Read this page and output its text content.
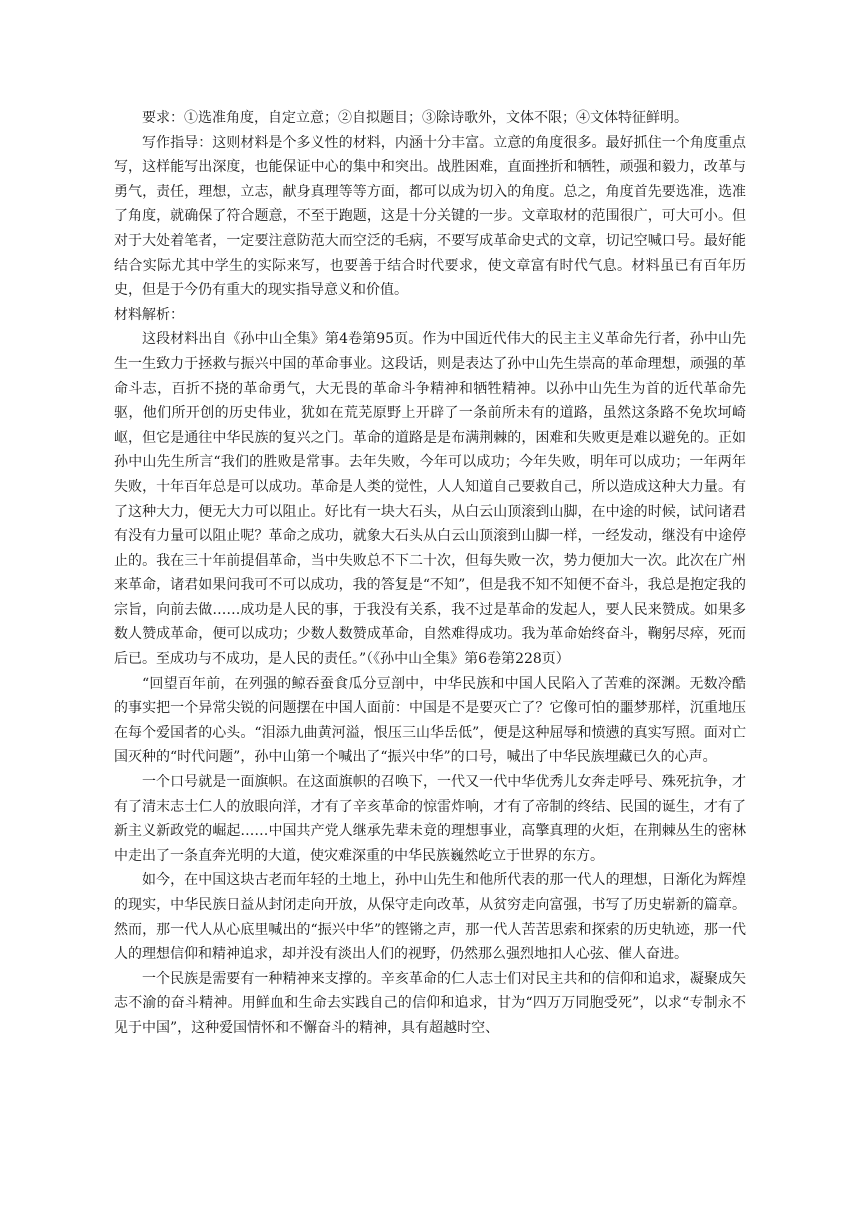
要求：①选准角度，自定立意；②自拟题目；③除诗歌外，文体不限；④文体特征鲜明。

写作指导：这则材料是个多义性的材料，内涵十分丰富。立意的角度很多。最好抓住一个角度重点写，这样能写出深度，也能保证中心的集中和突出。战胜困难，直面挫折和牺牲，顽强和毅力，改革与勇气，责任，理想，立志，献身真理等等方面，都可以成为切入的角度。总之，角度首先要选准，选准了角度，就确保了符合题意，不至于跑题，这是十分关键的一步。文章取材的范围很广，可大可小。但对于大处着笔者，一定要注意防范大而空泛的毛病，不要写成革命史式的文章，切记空喊口号。最好能结合实际尤其中学生的实际来写，也要善于结合时代要求，使文章富有时代气息。材料虽已有百年历史，但是于今仍有重大的现实指导意义和价值。

材料解析：

这段材料出自《孙中山全集》第4卷第95页。作为中国近代伟大的民主主义革命先行者，孙中山先生一生致力于拯救与振兴中国的革命事业。这段话，则是表达了孙中山先生崇高的革命理想，顽强的革命斗志，百折不挠的革命勇气，大无畏的革命斗争精神和牺牲精神。以孙中山先生为首的近代革命先驱，他们所开创的历史伟业，犹如在荒芜原野上开辟了一条前所未有的道路，虽然这条路不免坎坷崎岖，但它是通往中华民族的复兴之门。革命的道路是是布满荆棘的，困难和失败更是难以避免的。正如孙中山先生所言“我们的胜败是常事。去年失败，今年可以成功；今年失败，明年可以成功；一年两年失败，十年百年总是可以成功。革命是人类的觉性，人人知道自己要救自己，所以造成这种大力量。有了这种大力，便无大力可以阻止。好比有一块大石头，从白云山顶滚到山脚，在中途的时候，试问诸君有没有力量可以阻止呢？革命之成功，就象大石头从白云山顶滚到山脚一样，一经发动，继没有中途停止的。我在三十年前提倡革命，当中失败总不下二十次，但每失败一次，势力便加大一次。此次在广州来革命，诸君如果问我可不可以成功，我的答复是“不知”，但是我不知不知便不奋斗，我总是抱定我的宗旨，向前去做……成功是人民的事，于我没有关系，我不过是革命的发起人，要人民来赞成。如果多数人赞成革命，便可以成功；少数人数赞成革命，自然难得成功。我为革命始终奋斗，鞠躬尽瘁，死而后已。至成功与不成功，是人民的责任。”（《孙中山全集》第6卷第228页）

“回望百年前，在列强的鲸吞蚕食瓜分豆剖中，中华民族和中国人民陷入了苦难的深渊。无数冷酷的事实把一个异常尖锐的问题摆在中国人面前：中国是不是要灭亡了？它像可怕的噩梦那样，沉重地压在每个爱国者的心头。“泪添九曲黄河溢，恨压三山华岳低”，便是这种屈辱和愤懑的真实写照。面对亡国灭种的“时代问题”，孙中山第一个喊出了“振兴中华”的口号，喊出了中华民族埋藏已久的心声。

一个口号就是一面旗帜。在这面旗帜的召唤下，一代又一代中华优秀儿女奔走呼号、殊死抗争，才有了清末志士仁人的放眼向洋，才有了辛亥革命的惊雷炸响，才有了帝制的终结、民国的诞生，才有了新主义新政党的崛起……中国共产党人继承先辈未竟的理想事业，高擎真理的火炬，在荆棘丛生的密林中走出了一条直奔光明的大道，使灾难深重的中华民族巍然屹立于世界的东方。

如今，在中国这块古老而年轻的土地上，孙中山先生和他所代表的那一代人的理想，日渐化为辉煌的现实，中华民族日益从封闭走向开放，从保守走向改革，从贫穷走向富强，书写了历史崭新的篇章。然而，那一代人从心底里喊出的“振兴中华”的铿锵之声，那一代人苦苦思索和探索的历史轨迹，那一代人的理想信仰和精神追求，却并没有淡出人们的视野，仍然那么强烈地扣人心弦、催人奋进。

一个民族是需要有一种精神来支撑的。辛亥革命的仁人志士们对民主共和的信仰和追求，凝聚成矢志不渝的奋斗精神。用鲜血和生命去实践自己的信仰和追求，甘为“四万万同胞受死”，以求“专制永不见于中国”，这种爱国情怀和不懈奋斗的精神，具有超越时空、
